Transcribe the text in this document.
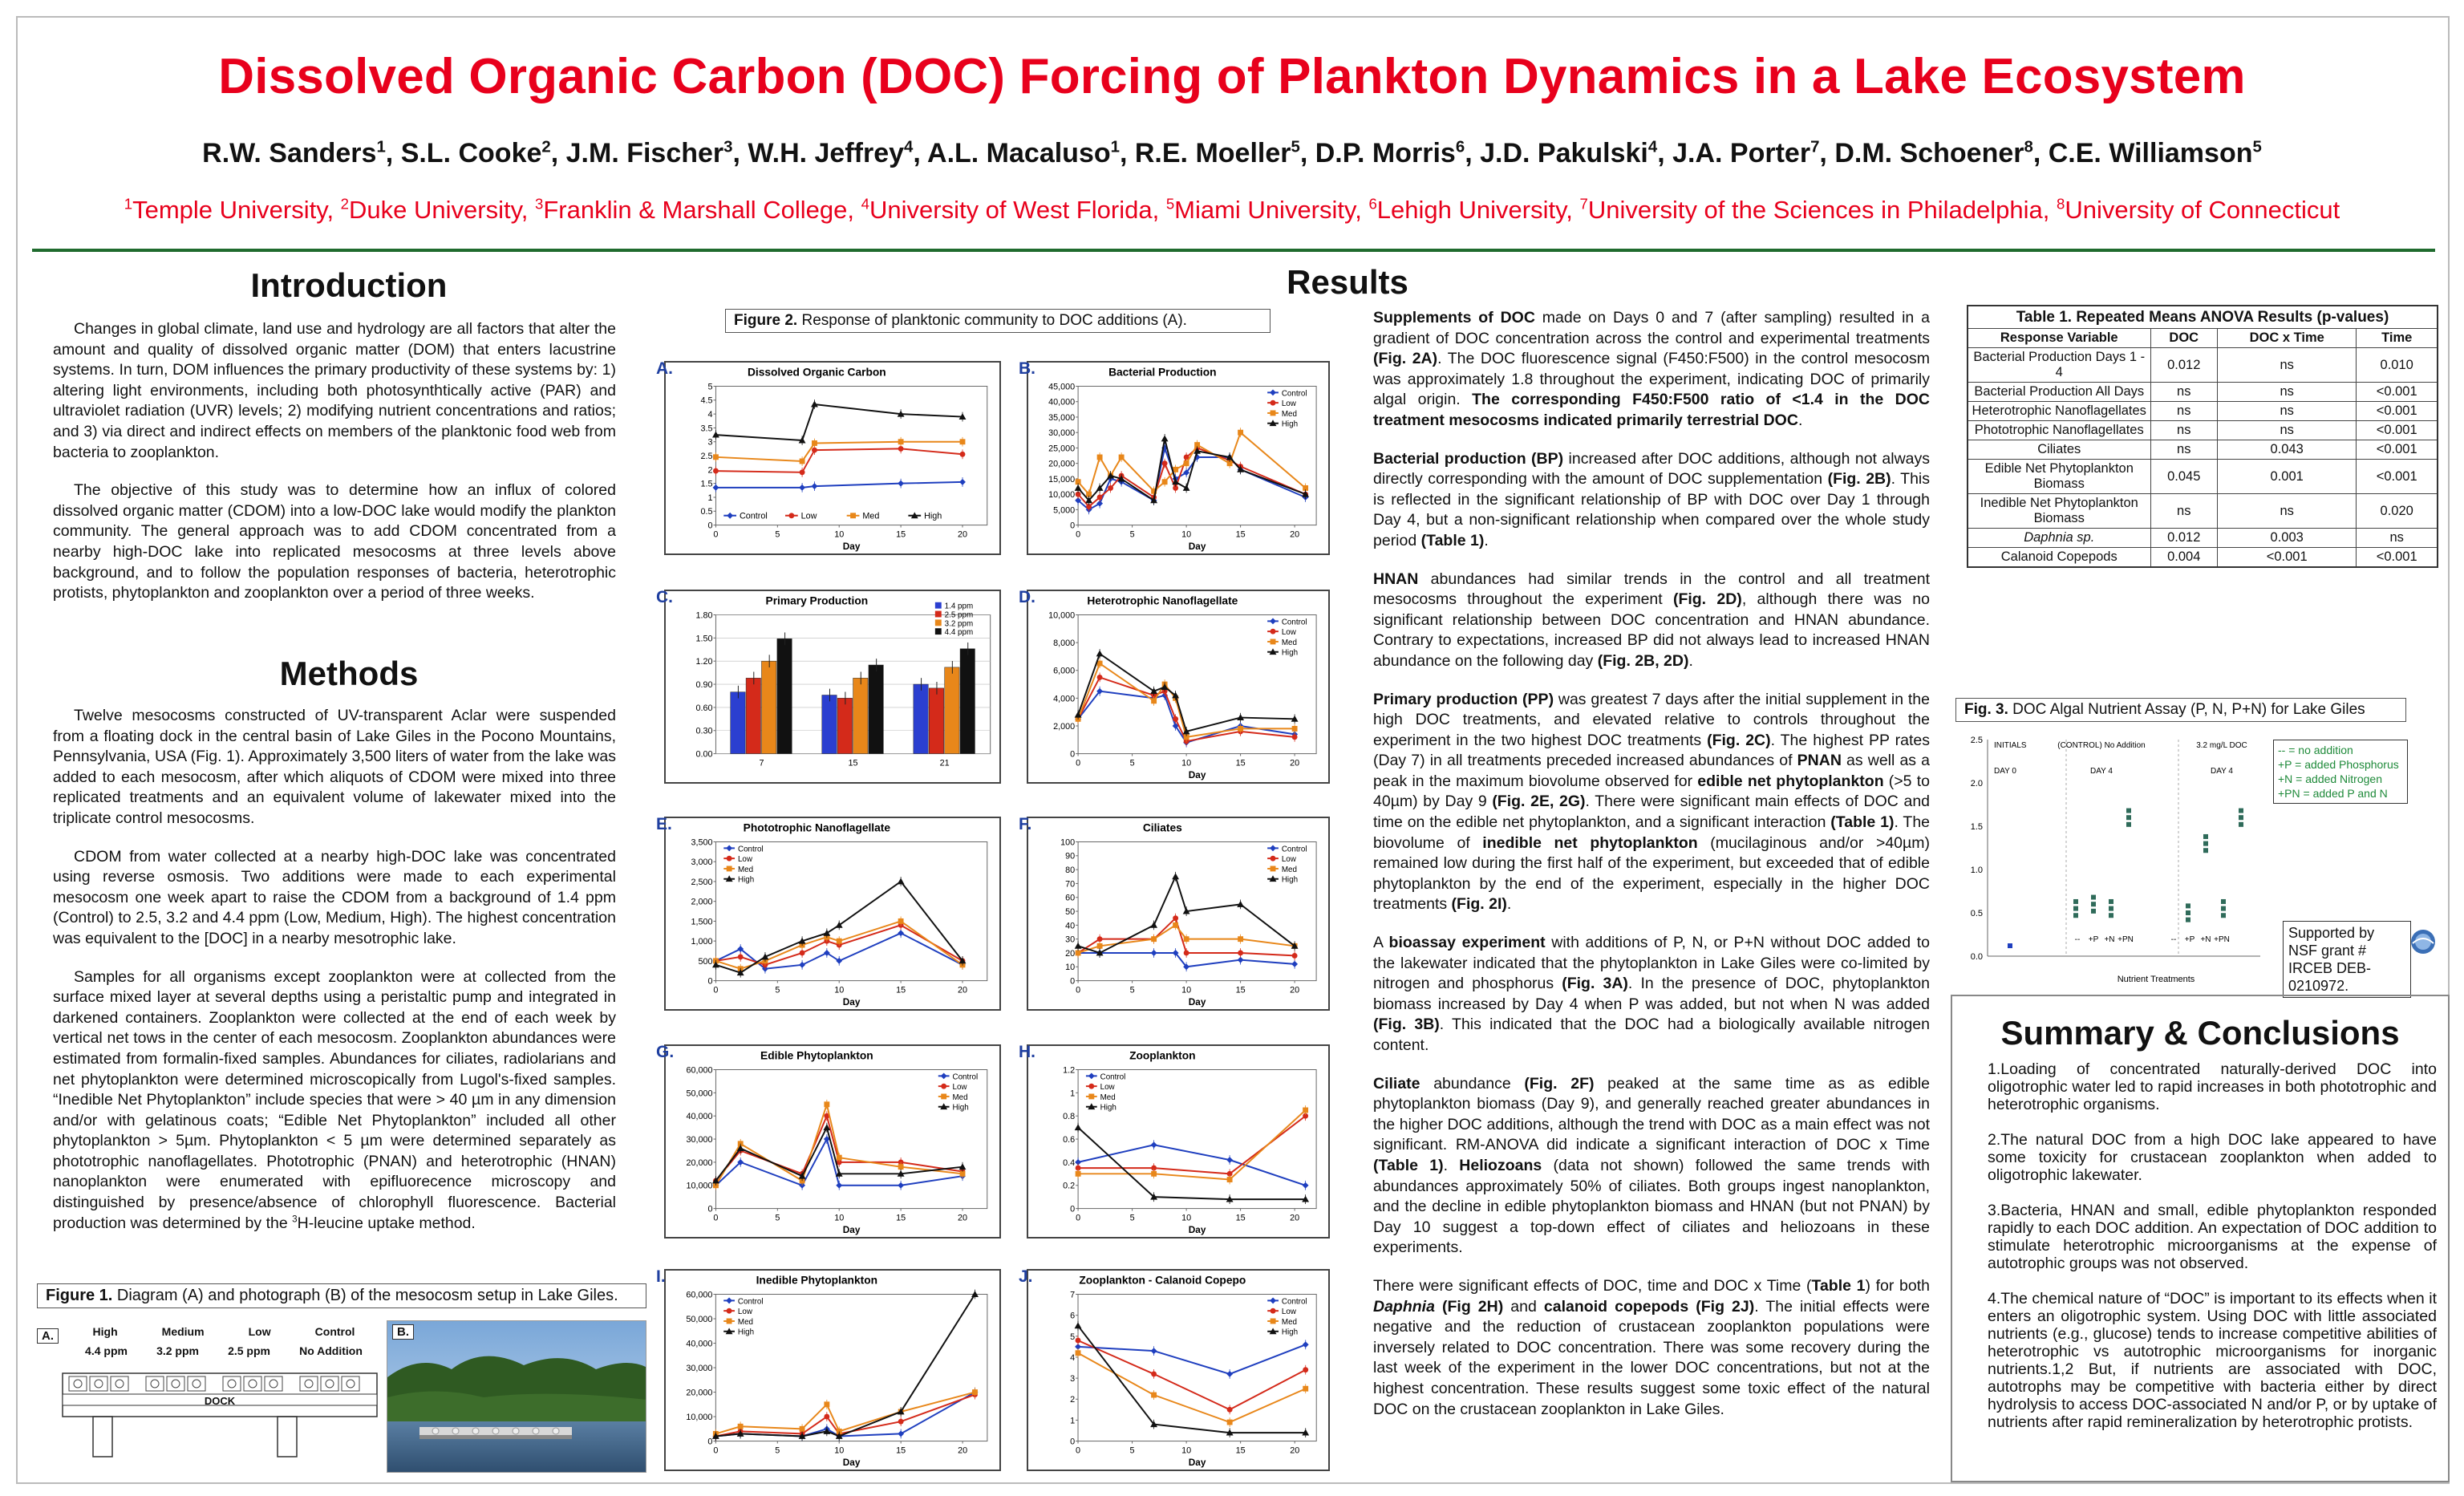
Dissolved Organic Carbon (DOC) Forcing of Plankton Dynamics in a Lake Ecosystem
R.W. Sanders$^1$, S.L. Cooke$^2$, J.M. Fischer$^3$, W.H. Jeffrey$^4$, A.L. Macaluso$^1$, R.E. Moeller$^5$, D.P. Morris$^6$, J.D. Pakulski$^4$, J.A. Porter$^7$, D.M. Schoener$^8$, C.E. Williamson$^5$
$^1$Temple University, $^2$Duke University, $^3$Franklin & Marshall College, $^4$University of West Florida, $^5$Miami University, $^6$Lehigh University, $^7$University of the Sciences in Philadelphia, $^8$University of Connecticut
Introduction

Changes in global climate, land use and hydrology are all factors that alter the amount and quality of dissolved organic matter (DOM) that enters lacustrine systems. In turn, DOM influences the primary productivity of these systems by: 1) altering light environments, including both photosynthtically active (PAR) and ultraviolet radiation (UVR) levels; 2) modifying nutrient concentrations and ratios; and 3) via direct and indirect effects on members of the planktonic food web from bacteria to zooplankton.

The objective of this study was to determine how an influx of colored dissolved organic matter (CDOM) into a low-DOC lake would modify the plankton community. The general approach was to add CDOM concentrated from a nearby high-DOC lake into replicated mesocosms at three levels above background, and to follow the population responses of bacteria, heterotrophic protists, phytoplankton and zooplankton over a period of three weeks.

Methods

Twelve mesocosms constructed of UV-transparent Aclar were suspended from a floating dock in the central basin of Lake Giles in the Pocono Mountains, Pennsylvania, USA (Fig. 1). Approximately 3,500 liters of water from the lake was added to each mesocosm, after which aliquots of CDOM were mixed into three replicated treatments and an equivalent volume of lakewater mixed into the triplicate control mesocosms.

CDOM from water collected at a nearby high-DOC lake was concentrated using reverse osmosis. Two additions were made to each experimental mesocosm one week apart to raise the CDOM from a background of 1.4 ppm (Control) to 2.5, 3.2 and 4.4 ppm (Low, Medium, High). The highest concentration was equivalent to the [DOC] in a nearby mesotrophic lake.

Samples for all organisms except zooplankton were at collected from the surface mixed layer at several depths using a peristaltic pump and integrated in darkened containers. Zooplankton were collected at the end of each week by vertical net tows in the center of each mesocosm. Zooplankton abundances were estimated from formalin-fixed samples. Abundances for ciliates, radiolarians and net phytoplankton were determined microscopically from Lugol's-fixed samples. “Inedible Net Phytoplankton” include species that were > 40 µm in any dimension and/or with gelatinous coats; “Edible Net Phytoplankton” included all other phytoplankton > 5µm. Phytoplankton < 5 µm were determined separately as phototrophic nanoflagellates. Phototrophic (PNAN) and heterotrophic (HNAN) nanoplankton were enumerated with epifluorecence microscopy and distinguished by presence/absence of chlorophyll fluorescence. Bacterial production was determined by the $^3$H-leucine uptake method.

Figure 1. Diagram (A) and photograph (B) of the mesocosm setup in Lake Giles.
A.	High	Medium	Low	Control
4.4 ppm	3.2 ppm	2.5 ppm	No Addition
DOCK
B.
Results
Figure 2. Response of planktonic community to DOC additions (A).
A.	Dissolved Organic Carbon
0
0.5
1
1.5
2
2.5
3
3.5
4
4.5
5
0	5	10	15	20
Day
Control	Low	Med	High
B.	Bacterial Production
0
5,000
10,000
15,000
20,000
25,000
30,000
35,000
40,000
45,000
0	5	10	15	20
Day
Control
Low
Med
High
C.	Primary Production
0.00
0.30
0.60
0.90
1.20
1.50
1.80
7	15	21
1.4 ppm
2.5 ppm
3.2 ppm
4.4 ppm
D.	Heterotrophic Nanoflagellate
0
2,000
4,000
6,000
8,000
10,000
0	5	10	15	20
Day
Control
Low
Med
High
E.	Phototrophic Nanoflagellate
0
500
1,000
1,500
2,000
2,500
3,000
3,500
0	5	10	15	20
Day
Control
Low
Med
High
F.	Ciliates
0
10
20
30
40
50
60
70
80
90
100
0	5	10	15	20
Day
Control
Low
Med
High
G.	Edible Phytoplankton
0
10,000
20,000
30,000
40,000
50,000
60,000
0	5	10	15	20
Day
Control
Low
Med
High
H.	Zooplankton
0
0.2
0.4
0.6
0.8
1
1.2
0	5	10	15	20
Day
Control
Low
Med
High
I.	Inedible Phytoplankton
0
10,000
20,000
30,000
40,000
50,000
60,000
0	5	10	15	20
Day
Control
Low
Med
High
J.	Zooplankton - Calanoid Copepo
0
1
2
3
4
5
6
7
0	5	10	15	20
Day
Control
Low
Med
High

Supplements of DOC made on Days 0 and 7 (after sampling) resulted in a gradient of DOC concentration across the control and experimental treatments (Fig. 2A). The DOC fluorescence signal (F450:F500) in the control mesocosm was approximately 1.8 throughout the experiment, indicating DOC of primarily algal origin. The corresponding F450:F500 ratio of <1.4 in the DOC treatment mesocosms indicated primarily terrestrial DOC.

Bacterial production (BP) increased after DOC additions, although not always directly corresponding with the amount of DOC supplementation (Fig. 2B). This is reflected in the significant relationship of BP with DOC over Day 1 through Day 4, but a non-significant relationship when compared over the whole study period (Table 1).

HNAN abundances had similar trends in the control and all treatment mesocosms throughout the experiment (Fig. 2D), although there was no significant relationship between DOC concentration and HNAN abundance. Contrary to expectations, increased BP did not always lead to increased HNAN abundance on the following day (Fig. 2B, 2D).

Primary production (PP) was greatest 7 days after the initial supplement in the high DOC treatments, and elevated relative to controls throughout the experiment in the two highest DOC treatments (Fig. 2C). The highest PP rates (Day 7) in all treatments preceded increased abundances of PNAN as well as a peak in the maximum biovolume observed for edible net phytoplankton (>5 to 40µm) by Day 9 (Fig. 2E, 2G). There were significant main effects of DOC and time on the edible net phytoplankton, and a significant interaction (Table 1). The biovolume of inedible net phytoplankton (mucilaginous and/or >40µm) remained low during the first half of the experiment, but exceeded that of edible phytoplankton by the end of the experiment, especially in the higher DOC treatments (Fig. 2I).

A bioassay experiment with additions of P, N, or P+N without DOC added to the lakewater indicated that the phytoplankton in Lake Giles were co-limited by nitrogen and phosphorus (Fig. 3A). In the presence of DOC, phytoplankton biomass increased by Day 4 when P was added, but not when N was added (Fig. 3B). This indicated that the DOC had a biologically available nitrogen content.

Ciliate abundance (Fig. 2F) peaked at the same time as as edible phytoplankton biomass (Day 9), and generally reached greater abundances in the higher DOC additions, although the trend with DOC as a main effect was not significant. RM-ANOVA did indicate a significant interaction of DOC x Time (Table 1). Heliozoans (data not shown) followed the same trends with abundances approximately 50% of ciliates. Both groups ingest nanoplankton, and the decline in edible phytoplankton biomass and HNAN (but not PNAN) by Day 10 suggest a top-down effect of ciliates and heliozoans in these experiments.

There were significant effects of DOC, time and DOC x Time (Table 1) for both Daphnia (Fig 2H) and calanoid copepods (Fig 2J). The initial effects were negative and the reduction of crustacean zooplankton populations were inversely related to DOC concentration. There was some recovery during the last week of the experiment in the lower DOC concentrations, but not at the highest concentration. These results suggest some toxic effect of the natural DOC on the crustacean zooplankton in Lake Giles.

Table 1. Repeated Means ANOVA Results (p-values)			
Response Variable	DOC	DOC x Time	Time
Bacterial Production Days 1 - 4	0.012	ns	0.010
Bacterial Production All Days	ns	ns	<0.001
Heterotrophic Nanoflagellates	ns	ns	<0.001
Phototrophic Nanoflagellates	ns	ns	<0.001
Ciliates	ns	0.043	<0.001
Edible Net Phytoplankton Biomass	0.045	0.001	<0.001
Inedible Net Phytoplankton Biomass	ns	ns	0.020
Daphnia sp.	0.012	0.003	ns
Calanoid Copepods	0.004	<0.001	<0.001
Fig. 3. DOC Algal Nutrient Assay (P, N, P+N) for Lake Giles
0.0
0.5
1.0
1.5
2.0
2.5
INITIALS	(CONTROL) No Addition	3.2 mg/L DOC
DAY 0	DAY 4	DAY 4
-- +P +N +PN	-- +P +N +PN
Nutrient Treatments
-- = no addition
+P = added Phosphorus
+N = added Nitrogen
+PN = added P and N
Supported by NSF grant # IRCEB DEB-0210972.
Summary & Conclusions
1.Loading of concentrated naturally-derived DOC into oligotrophic water led to rapid increases in both phototrophic and heterotrophic organisms.
2.The natural DOC from a high DOC lake appeared to have some toxicity for crustacean zooplankton when added to oligotrophic lakewater.
3.Bacteria, HNAN and small, edible phytoplankton responded rapidly to each DOC addition. An expectation of DOC addition to stimulate heterotrophic microorganisms at the expense of autotrophic groups was not observed.
4.The chemical nature of “DOC” is important to its effects when it enters an oligotrophic system. Using DOC with little associated nutrients (e.g., glucose) tends to increase competitive abilities of heterotrophic vs autotrophic microorganisms for inorganic nutrients.1,2 But, if nutrients are associated with DOC, autotrophs may be competitive with bacteria either by direct hydrolysis to access DOC-associated N and/or P, or by uptake of nutrients after rapid remineralization by heterotrophic protists.
